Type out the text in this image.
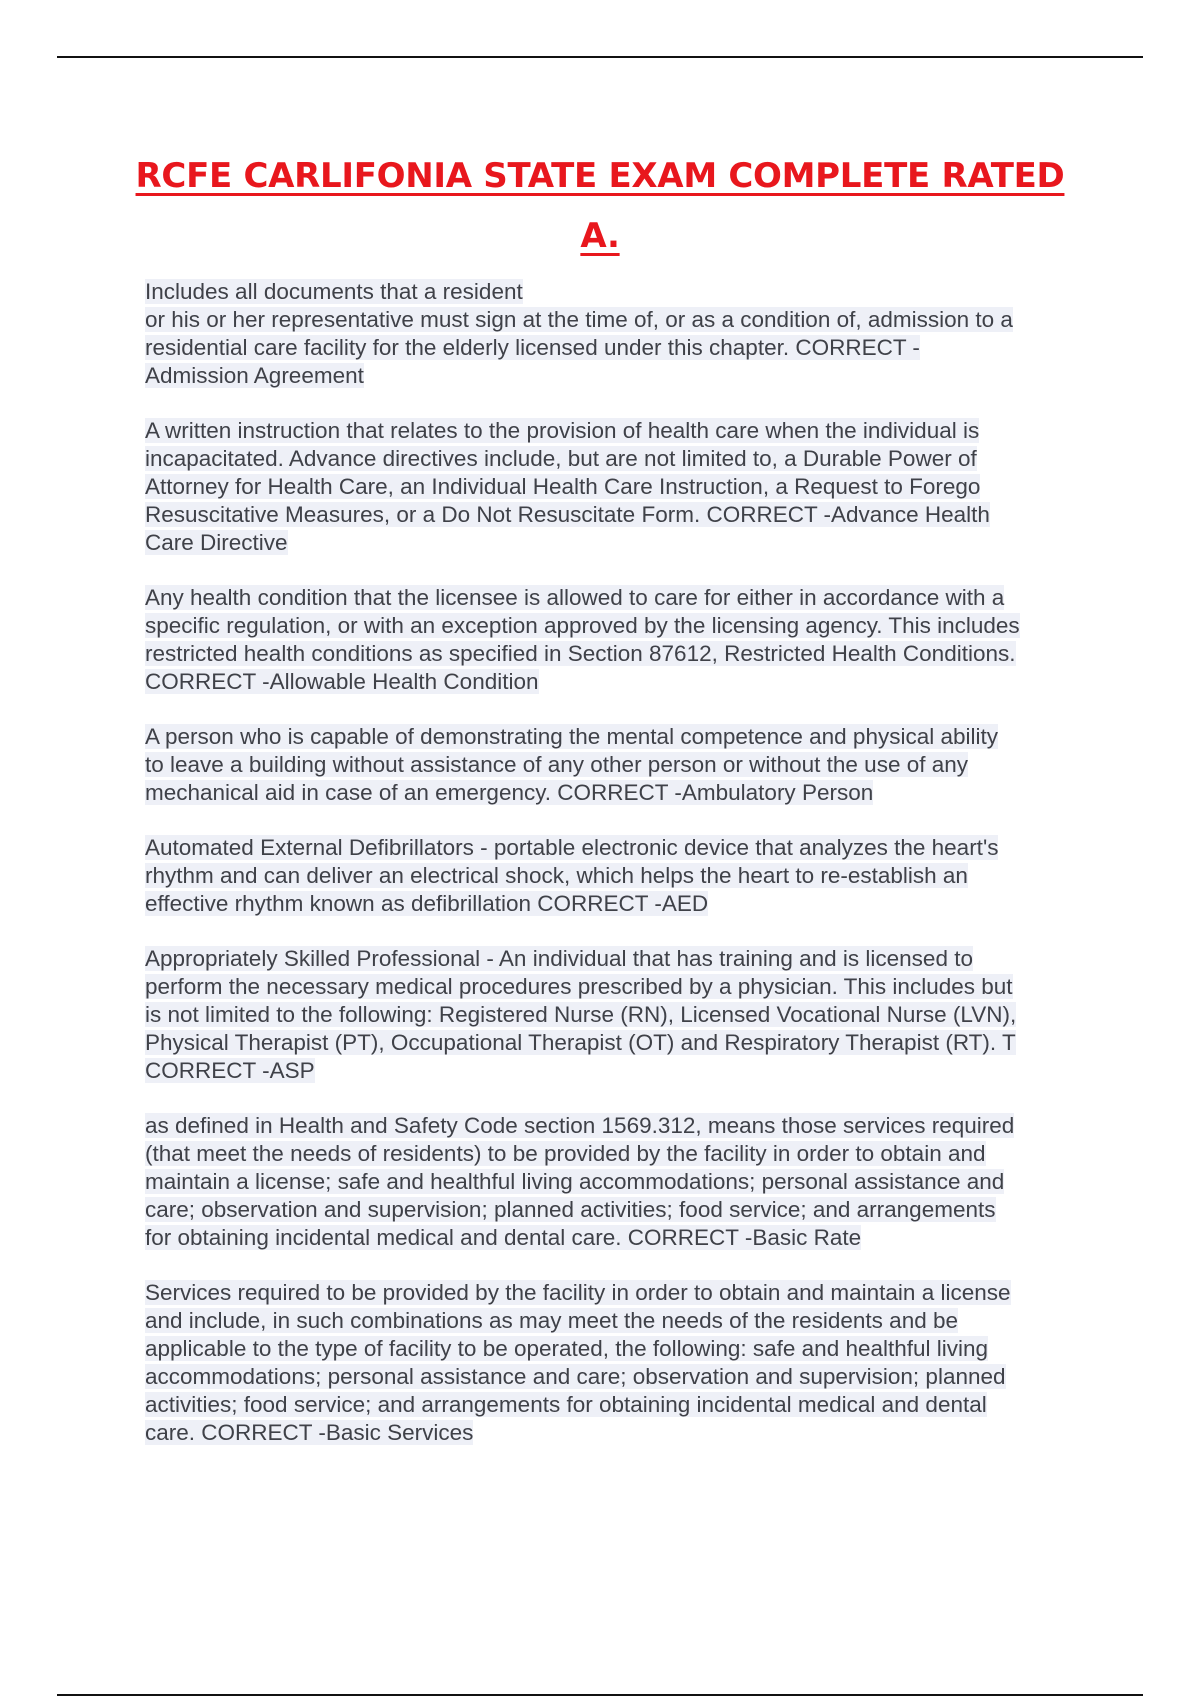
RCFE CARLIFONIA STATE EXAM COMPLETE RATED
A.

Includes all documents that a resident
or his or her representative must sign at the time of, or as a condition of, admission to a
residential care facility for the elderly licensed under this chapter. CORRECT -
Admission Agreement

A written instruction that relates to the provision of health care when the individual is
incapacitated. Advance directives include, but are not limited to, a Durable Power of
Attorney for Health Care, an Individual Health Care Instruction, a Request to Forego
Resuscitative Measures, or a Do Not Resuscitate Form. CORRECT -Advance Health
Care Directive

Any health condition that the licensee is allowed to care for either in accordance with a
specific regulation, or with an exception approved by the licensing agency. This includes
restricted health conditions as specified in Section 87612, Restricted Health Conditions.
CORRECT -Allowable Health Condition

A person who is capable of demonstrating the mental competence and physical ability
to leave a building without assistance of any other person or without the use of any
mechanical aid in case of an emergency. CORRECT -Ambulatory Person

Automated External Defibrillators - portable electronic device that analyzes the heart's
rhythm and can deliver an electrical shock, which helps the heart to re-establish an
effective rhythm known as defibrillation CORRECT -AED

Appropriately Skilled Professional - An individual that has training and is licensed to
perform the necessary medical procedures prescribed by a physician. This includes but
is not limited to the following: Registered Nurse (RN), Licensed Vocational Nurse (LVN),
Physical Therapist (PT), Occupational Therapist (OT) and Respiratory Therapist (RT). T
CORRECT -ASP

as defined in Health and Safety Code section 1569.312, means those services required
(that meet the needs of residents) to be provided by the facility in order to obtain and
maintain a license; safe and healthful living accommodations; personal assistance and
care; observation and supervision; planned activities; food service; and arrangements
for obtaining incidental medical and dental care. CORRECT -Basic Rate

Services required to be provided by the facility in order to obtain and maintain a license
and include, in such combinations as may meet the needs of the residents and be
applicable to the type of facility to be operated, the following: safe and healthful living
accommodations; personal assistance and care; observation and supervision; planned
activities; food service; and arrangements for obtaining incidental medical and dental
care. CORRECT -Basic Services
